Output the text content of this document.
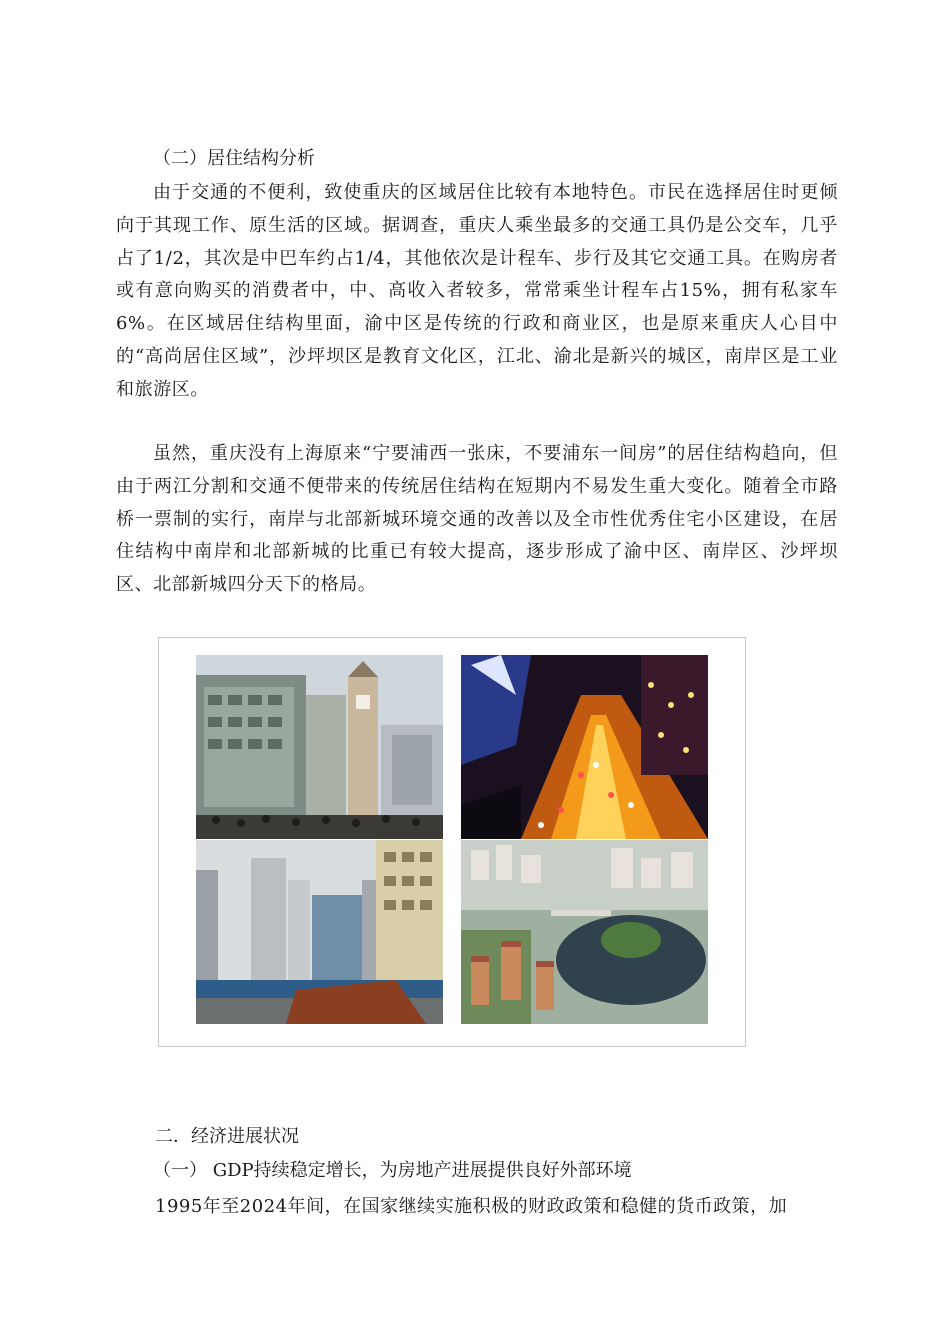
（二）居住结构分析

由于交通的不便利，致使重庆的区域居住比较有本地特色。市民在选择居住时更倾向于其现工作、原生活的区域。据调查，重庆人乘坐最多的交通工具仍是公交车，几乎占了1/2，其次是中巴车约占1/4，其他依次是计程车、步行及其它交通工具。在购房者或有意向购买的消费者中，中、高收入者较多，常常乘坐计程车占15%，拥有私家车6%。在区域居住结构里面，渝中区是传统的行政和商业区，也是原来重庆人心目中的“高尚居住区域”，沙坪坝区是教育文化区，江北、渝北是新兴的城区，南岸区是工业和旅游区。

虽然，重庆没有上海原来“宁要浦西一张床，不要浦东一间房”的居住结构趋向，但由于两江分割和交通不便带来的传统居住结构在短期内不易发生重大变化。随着全市路桥一票制的实行，南岸与北部新城环境交通的改善以及全市性优秀住宅小区建设，在居住结构中南岸和北部新城的比重已有较大提高，逐步形成了渝中区、南岸区、沙坪坝区、北部新城四分天下的格局。

二．经济进展状况
（一） GDP持续稳定增长，为房地产进展提供良好外部环境

1995年至2024年间，在国家继续实施积极的财政政策和稳健的货币政策，加
